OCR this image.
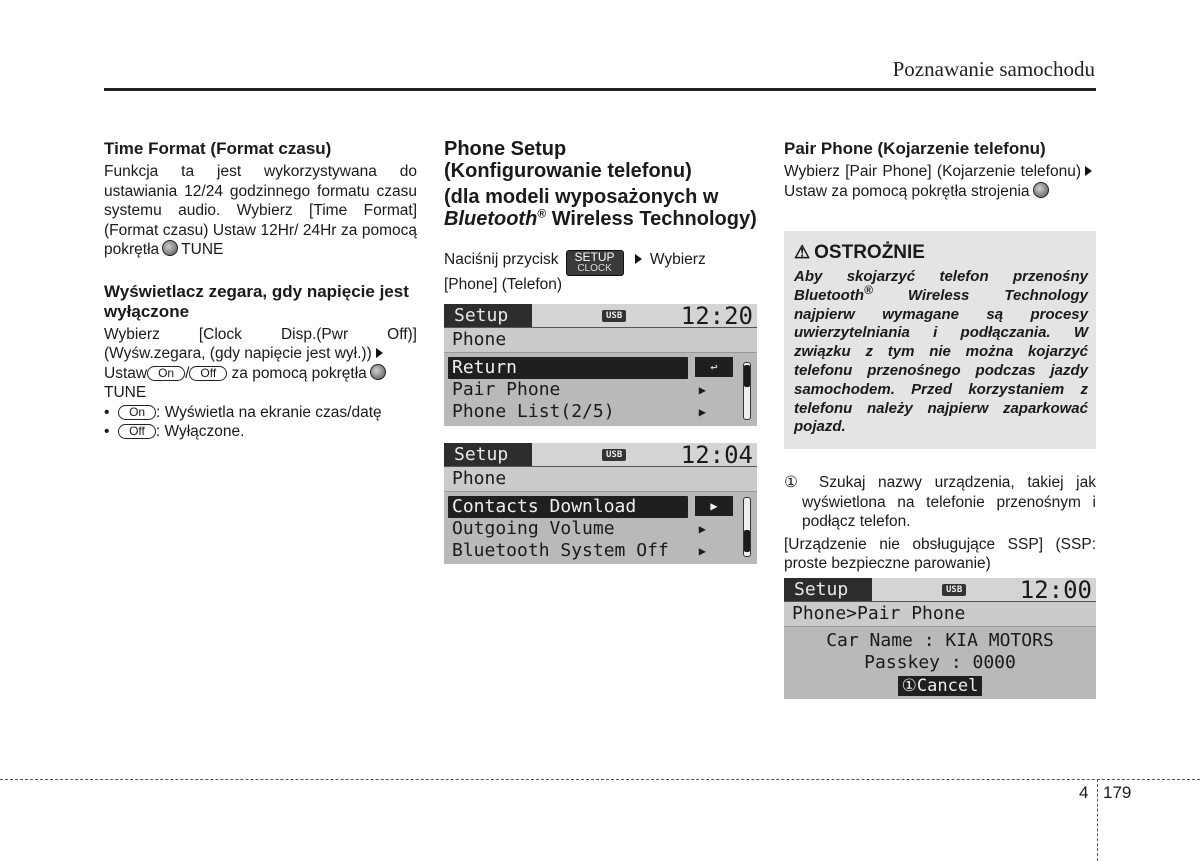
Poznawanie samochodu
Time Format (Format czasu)

Funkcja ta jest wykorzystywana do ustawiania 12/24 godzinnego formatu czasu systemu audio. Wybierz [Time Format] (Format czasu) Ustaw 12Hr/ 24Hr za pomocą pokrętła TUNE

Wyświetlacz zegara, gdy napięcie jest wyłączone

Wybierz [Clock Disp.(Pwr Off)] (Wyśw.zegara, (gdy napięcie jest wył.))

Ustaw On / Off za pomocą pokrętła

TUNE

• On : Wyświetla na ekranie czas/datę

• Off : Wyłączone.

Phone Setup
(Konfigurowanie telefonu)
(dla modeli wyposażonych w
Bluetooth® Wireless Technology)

Naciśnij przycisk	SETUP
CLOCK
Wybierz

[Phone] (Telefon)

Setup	USB 12:20
Phone
Return	↩
Pair Phone	▶
Phone List(2/5)	▶
Setup	USB 12:04
Phone
Contacts Download	▶
Outgoing Volume	▶
Bluetooth System Off	▶
Pair Phone (Kojarzenie telefonu)

Wybierz [Pair Phone] (Kojarzenie telefonu) Ustaw za pomocą pokrętła strojenia

⚠ OSTROŻNIE
Aby skojarzyć telefon przenośny Bluetooth® Wireless Technology najpierw wymagane są procesy uwierzytelniania i podłączania. W związku z tym nie można kojarzyć telefonu przenośnego podczas jazdy samochodem. Przed korzystaniem z telefonu należy najpierw zaparkować pojazd.

① Szukaj nazwy urządzenia, takiej jak wyświetlona na telefonie przenośnym i podłącz telefon.

[Urządzenie nie obsługujące SSP] (SSP: proste bezpieczne parowanie)

Setup	USB 12:00
Phone>Pair Phone
Car Name : KIA MOTORS
Passkey : 0000
①Cancel
4 179
